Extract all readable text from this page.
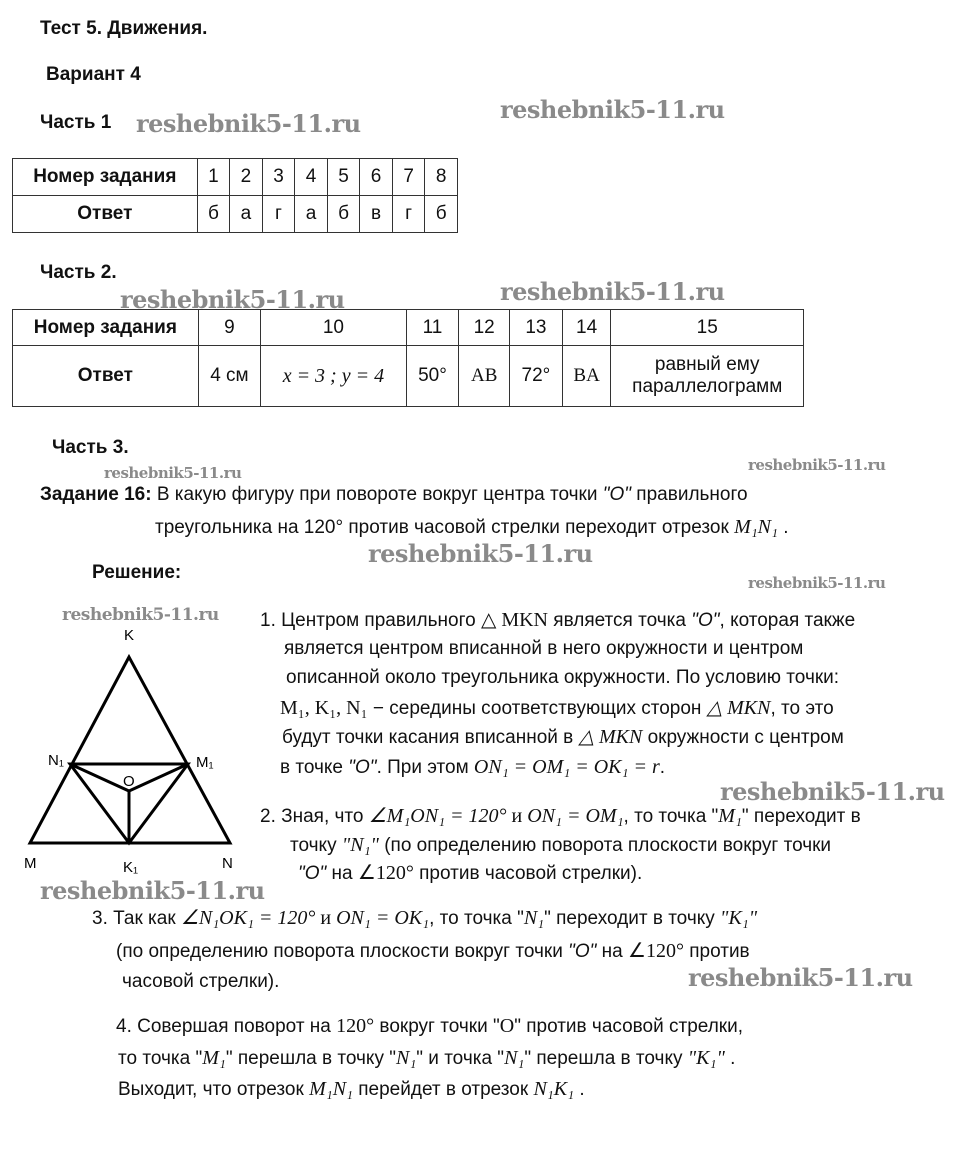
Тест 5. Движения.
Вариант 4
Часть 1
Номер задания	1	2	3	4	5	6	7	8
Ответ	б	а	г	а	б	в	г	б
Часть 2.
Номер задания	9	10	11	12	13	14	15
Ответ	4 см	x = 3 ; y = 4	50°	AB	72°	BA	равный ему параллелограмм
Часть 3.
Задание 16: В какую фигуру при повороте вокруг центра точки "О" правильного
треугольника на 120° против часовой стрелки переходит отрезок M₁N₁ .
Решение:
1. Центром правильного △ MKN является точка "О", которая также
является центром вписанной в него окружности и центром
описанной около треугольника окружности. По условию точки:
M₁, K₁, N₁ − середины соответствующих сторон △ MKN, то это
будут точки касания вписанной в △ MKN окружности с центром
в точке "О". При этом ON₁ = OM₁ = OK₁ = r.
2. Зная, что ∠M₁ON₁ = 120° и ON₁ = OM₁, то точка "M₁" переходит в
точку "N₁" (по определению поворота плоскости вокруг точки
"О" на ∠120° против часовой стрелки).
3. Так как ∠N₁OK₁ = 120° и ON₁ = OK₁, то точка "N₁" переходит в точку "K₁"
(по определению поворота плоскости вокруг точки "О" на ∠120° против
часовой стрелки).
4. Совершая поворот на 120° вокруг точки "O" против часовой стрелки,
то точка "M₁" перешла в точку "N₁" и точка "N₁" перешла в точку "K₁" .
Выходит, что отрезок M₁N₁ перейдет в отрезок N₁K₁ .
K
N₁	M₁
O
M	K₁	N
reshebnik5-11.ru	reshebnik5-11.ru
reshebnik5-11.ru
reshebnik5-11.ru
reshebnik5-11.ru	reshebnik5-11.ru
reshebnik5-11.ru
reshebnik5-11.ru
reshebnik5-11.ru
reshebnik5-11.ru
reshebnik5-11.ru
reshebnik5-11.ru
